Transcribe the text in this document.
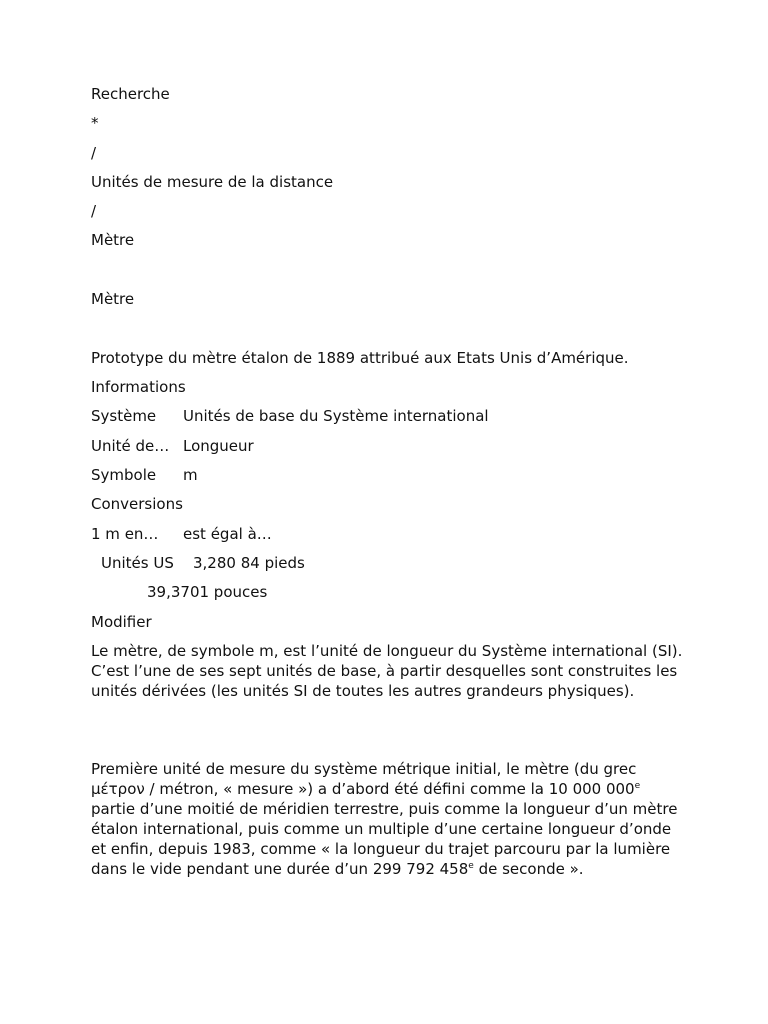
Recherche

*

/

Unités de mesure de la distance

/

Mètre

Mètre

Prototype du mètre étalon de 1889 attribué aux Etats Unis d’Amérique.

Informations

Système Unités de base du Système international

Unité de… Longueur

Symbole m

Conversions

1 m en… est égal à…

Unités US 3,280 84 pieds

39,3701 pouces

Modifier

Le mètre, de symbole m, est l’unité de longueur du Système international (SI). C’est l’une de ses sept unités de base, à partir desquelles sont construites les unités dérivées (les unités SI de toutes les autres grandeurs physiques).

Première unité de mesure du système métrique initial, le mètre (du grec μέτρον / métron, « mesure ») a d’abord été défini comme la 10 000 000e partie d’une moitié de méridien terrestre, puis comme la longueur d’un mètre étalon international, puis comme un multiple d’une certaine longueur d’onde et enfin, depuis 1983, comme « la longueur du trajet parcouru par la lumière dans le vide pendant une durée d’un 299 792 458e de seconde ».
